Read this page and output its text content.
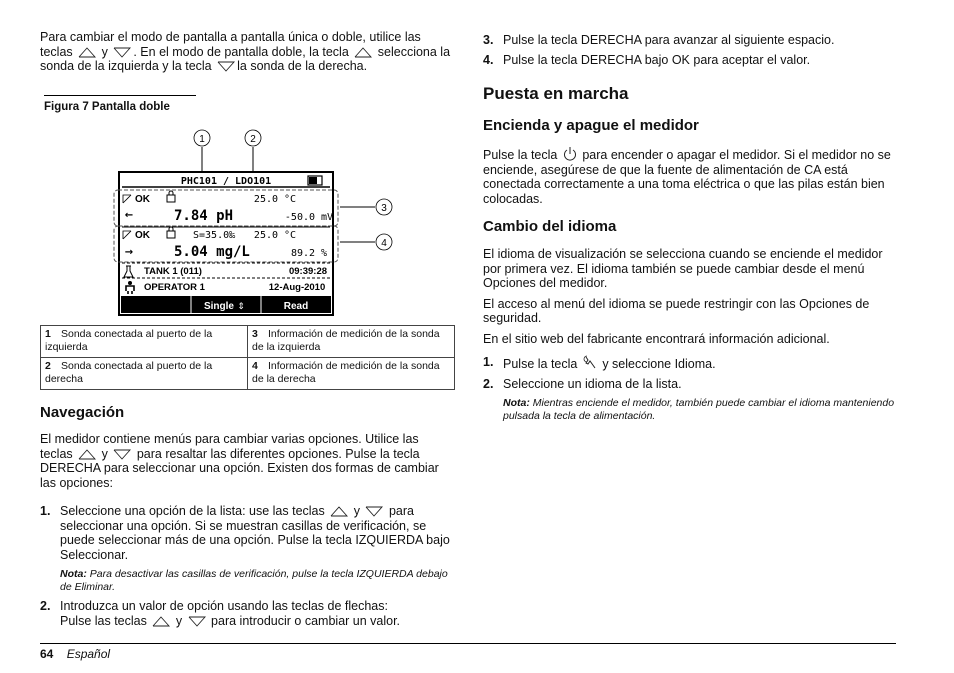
Para cambiar el modo de pantalla a pantalla única o doble, utilice las
teclas y . En el modo de pantalla doble, la tecla selecciona la
sonda de la izquierda y la tecla la sonda de la derecha.

Figura 7 Pantalla doble
1	2
3
4
PHC101 / LDO101
OK	25.0 °C
←	7.84 pH	-50.0 mV
OK	S=35.0‰ 25.0 °C
→	5.04 mg/L	89.2 %
TANK 1 (011)	09:39:28
OPERATOR 1	12-Aug-2010
Single ⇕	Read
1 Sonda conectada al puerto de la izquierda	3 Información de medición de la sonda de la izquierda
2 Sonda conectada al puerto de la derecha	4 Información de medición de la sonda de la derecha
Navegación

El medidor contiene menús para cambiar varias opciones. Utilice las
teclas y para resaltar las diferentes opciones. Pulse la tecla
DERECHA para seleccionar una opción. Existen dos formas de cambiar las opciones:

1. Seleccione una opción de la lista: use las teclas y para seleccionar una opción. Si se muestran casillas de verificación, se puede seleccionar más de una opción. Pulse la tecla IZQUIERDA bajo Seleccionar.
Nota: Para desactivar las casillas de verificación, pulse la tecla IZQUIERDA debajo de Eliminar.
2. Introduzca un valor de opción usando las teclas de flechas:
Pulse las teclas y para introducir o cambiar un valor.
3. Pulse la tecla DERECHA para avanzar al siguiente espacio.
4. Pulse la tecla DERECHA bajo OK para aceptar el valor.
Puesta en marcha
Encienda y apague el medidor

Pulse la tecla para encender o apagar el medidor. Si el medidor no se enciende, asegúrese de que la fuente de alimentación de CA está conectada correctamente a una toma eléctrica o que las pilas están bien colocadas.

Cambio del idioma

El idioma de visualización se selecciona cuando se enciende el medidor por primera vez. El idioma también se puede cambiar desde el menú Opciones del medidor.

El acceso al menú del idioma se puede restringir con las Opciones de seguridad.

En el sitio web del fabricante encontrará información adicional.

1. Pulse la tecla y seleccione Idioma.
2. Seleccione un idioma de la lista.
Nota: Mientras enciende el medidor, también puede cambiar el idioma manteniendo pulsada la tecla de alimentación.
64 Español
